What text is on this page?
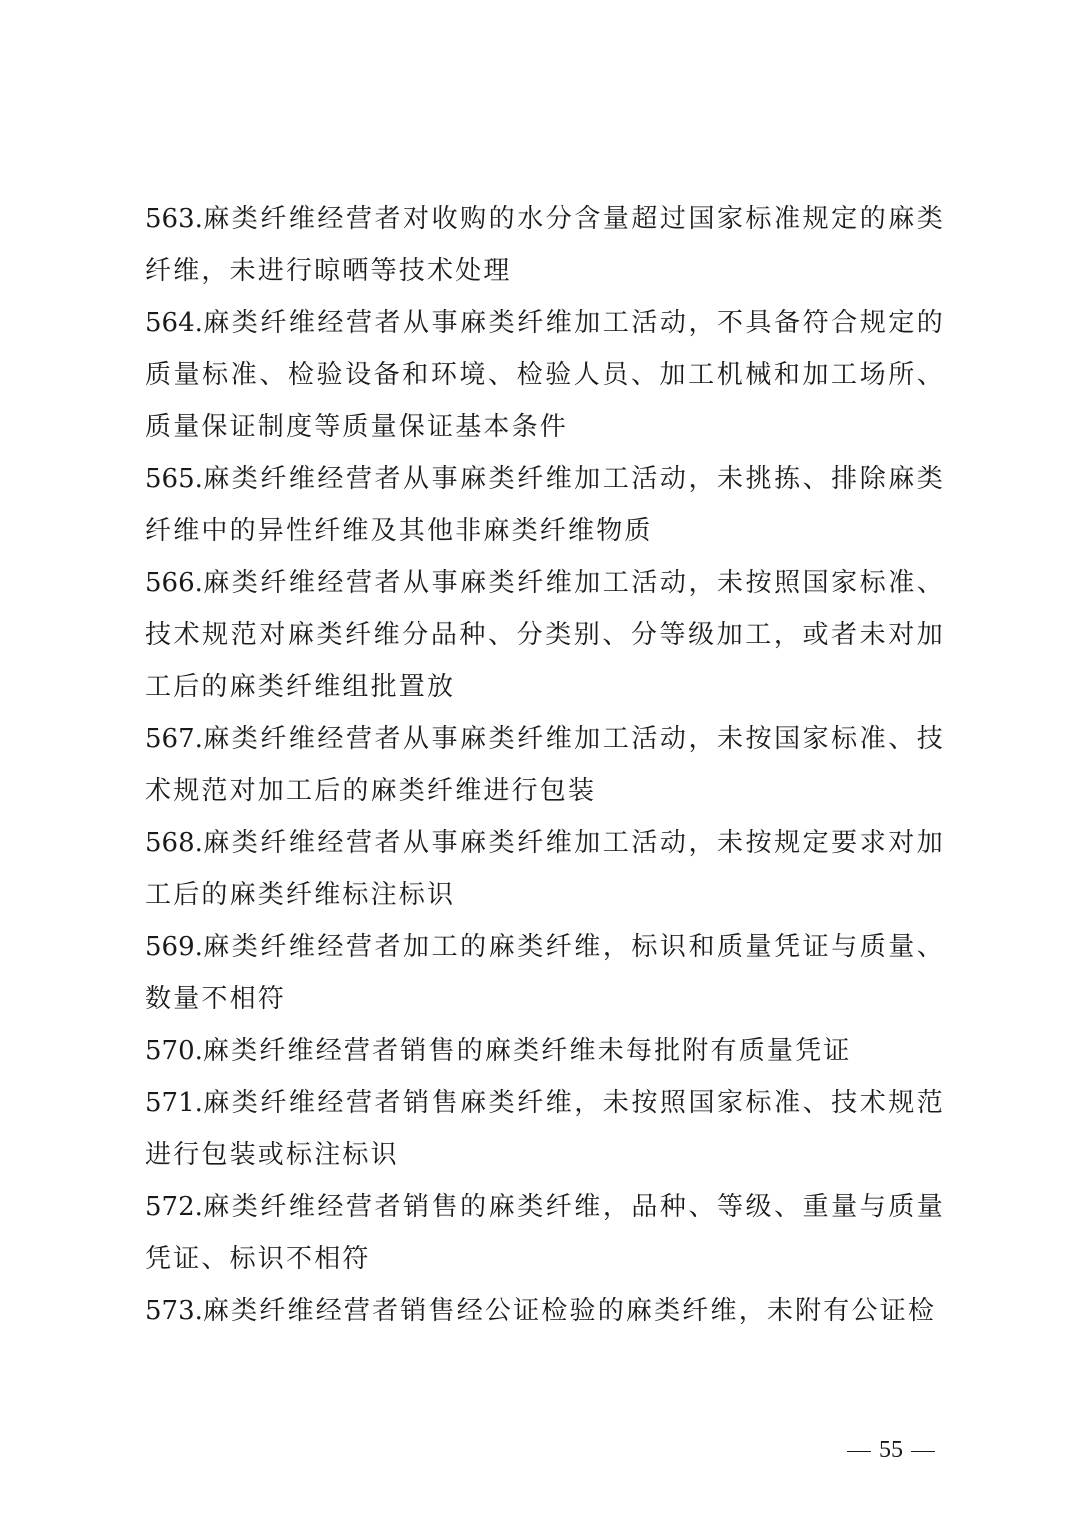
563.麻类纤维经营者对收购的水分含量超过国家标准规定的麻类纤维，未进行晾晒等技术处理

564.麻类纤维经营者从事麻类纤维加工活动，不具备符合规定的质量标准、检验设备和环境、检验人员、加工机械和加工场所、质量保证制度等质量保证基本条件

565.麻类纤维经营者从事麻类纤维加工活动，未挑拣、排除麻类纤维中的异性纤维及其他非麻类纤维物质

566.麻类纤维经营者从事麻类纤维加工活动，未按照国家标准、技术规范对麻类纤维分品种、分类别、分等级加工，或者未对加工后的麻类纤维组批置放

567.麻类纤维经营者从事麻类纤维加工活动，未按国家标准、技术规范对加工后的麻类纤维进行包装

568.麻类纤维经营者从事麻类纤维加工活动，未按规定要求对加工后的麻类纤维标注标识

569.麻类纤维经营者加工的麻类纤维，标识和质量凭证与质量、数量不相符

570.麻类纤维经营者销售的麻类纤维未每批附有质量凭证

571.麻类纤维经营者销售麻类纤维，未按照国家标准、技术规范进行包装或标注标识

572.麻类纤维经营者销售的麻类纤维，品种、等级、重量与质量凭证、标识不相符

573.麻类纤维经营者销售经公证检验的麻类纤维，未附有公证检

55
